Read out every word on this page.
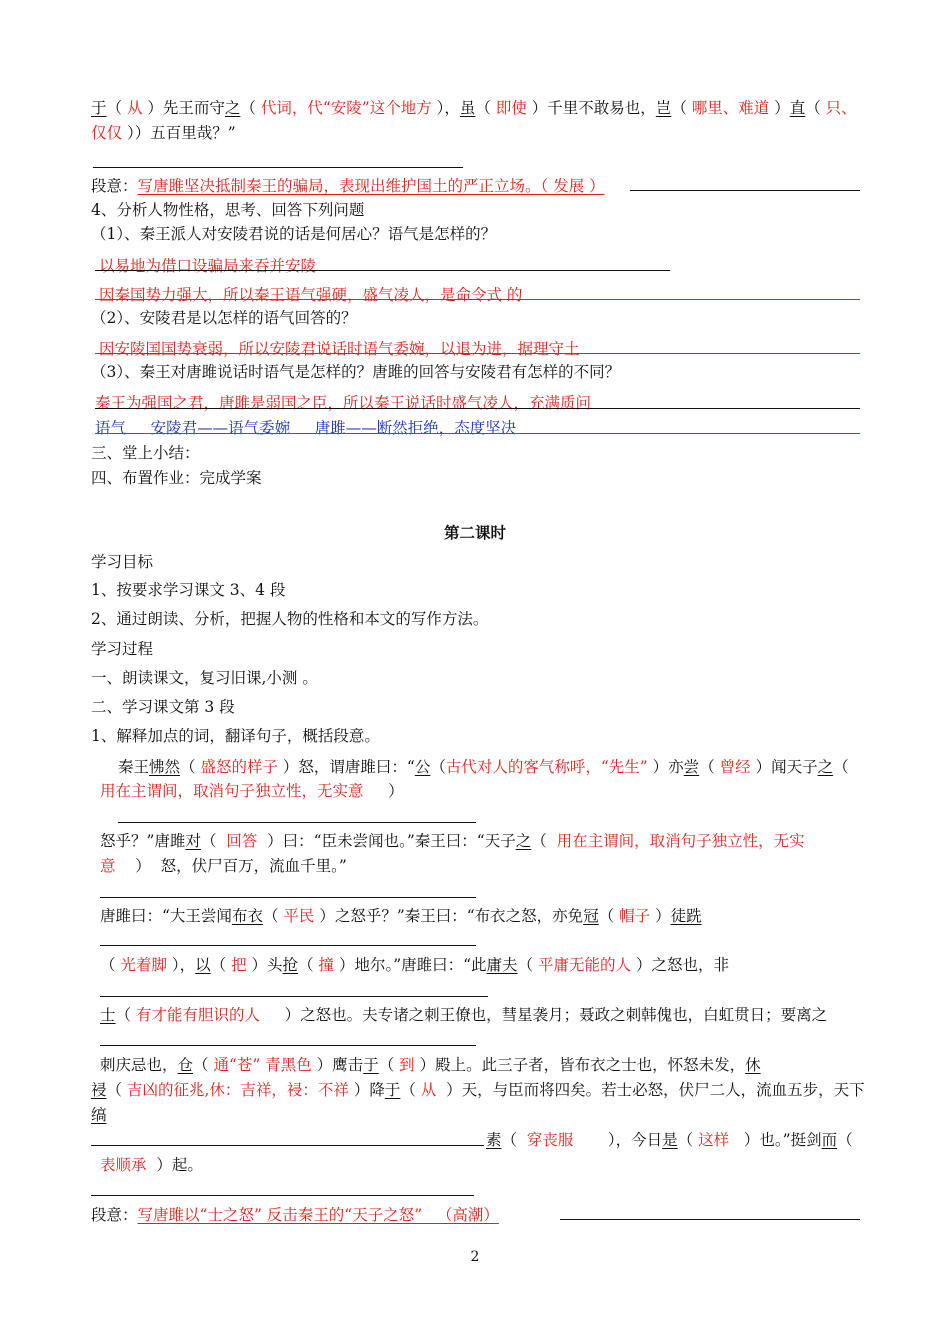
于（ 从 ）先王而守之（ 代词，代“安陵”这个地方 ），虽（ 即使 ）千里不敢易也，岂（ 哪里、难道 ）直（ 只、
仅仅 ））五百里哉？”
段意：写唐雎坚决抵制秦王的骗局，表现出维护国土的严正立场。（ 发展 ）
4、分析人物性格，思考、回答下列问题
（1）、秦王派人对安陵君说的话是何居心？语气是怎样的？
以易地为借口设骗局来吞并安陵
因秦国势力强大，所以秦王语气强硬，盛气凌人，是命令式 的
（2）、安陵君是以怎样的语气回答的？
因安陵国国势衰弱，所以安陵君说话时语气委婉，以退为进，据理守土
（3）、秦王对唐雎说话时语气是怎样的？唐雎的回答与安陵君有怎样的不同？
秦王为强国之君，唐雎是弱国之臣，所以秦王说话时盛气凌人，充满质问
语气     安陵君——语气委婉     唐雎——断然拒绝，态度坚决
三、堂上小结：
四、布置作业：完成学案
第二课时
学习目标
1、按要求学习课文 3、4 段
2、通过朗读、分析，把握人物的性格和本文的写作方法。
学习过程
一、朗读课文，复习旧课,小测 。
二、学习课文第 3 段
1、解释加点的词，翻译句子，概括段意。
秦王怫然（ 盛怒的样子 ）怒，谓唐雎曰：“公（古代对人的客气称呼，“先生” ）亦尝（ 曾经 ）闻天子之（
用在主谓间，取消句子独立性，无实意     ）
怒乎？”唐雎对（  回答  ）曰：“臣未尝闻也。”秦王曰：“天子之（  用在主谓间，取消句子独立性，无实
意    ）  怒，伏尸百万，流血千里。”
唐雎曰：“大王尝闻布衣（ 平民 ）之怒乎？”秦王曰：“布衣之怒，亦免冠（ 帽子 ）徒跣
（ 光着脚 ），以（ 把 ）头抢（ 撞 ）地尔。”唐雎曰：“此庸夫（ 平庸无能的人 ）之怒也，非
士（ 有才能有胆识的人     ）之怒也。夫专诸之刺王僚也，彗星袭月；聂政之刺韩傀也，白虹贯日；要离之
刺庆忌也，仓（ 通“苍” 青黑色 ）鹰击于（ 到 ）殿上。此三子者，皆布衣之士也，怀怒未发，休
祲（ 吉凶的征兆,休：吉祥，祲：不祥 ）降于（ 从  ）天，与臣而将四矣。若士必怒，伏尸二人，流血五步，天下
缟
素（  穿丧服       ），今日是（ 这样   ）也。”挺剑而（
表顺承  ）起。
段意：写唐雎以“士之怒” 反击秦王的“天子之怒”   （高潮）
2
